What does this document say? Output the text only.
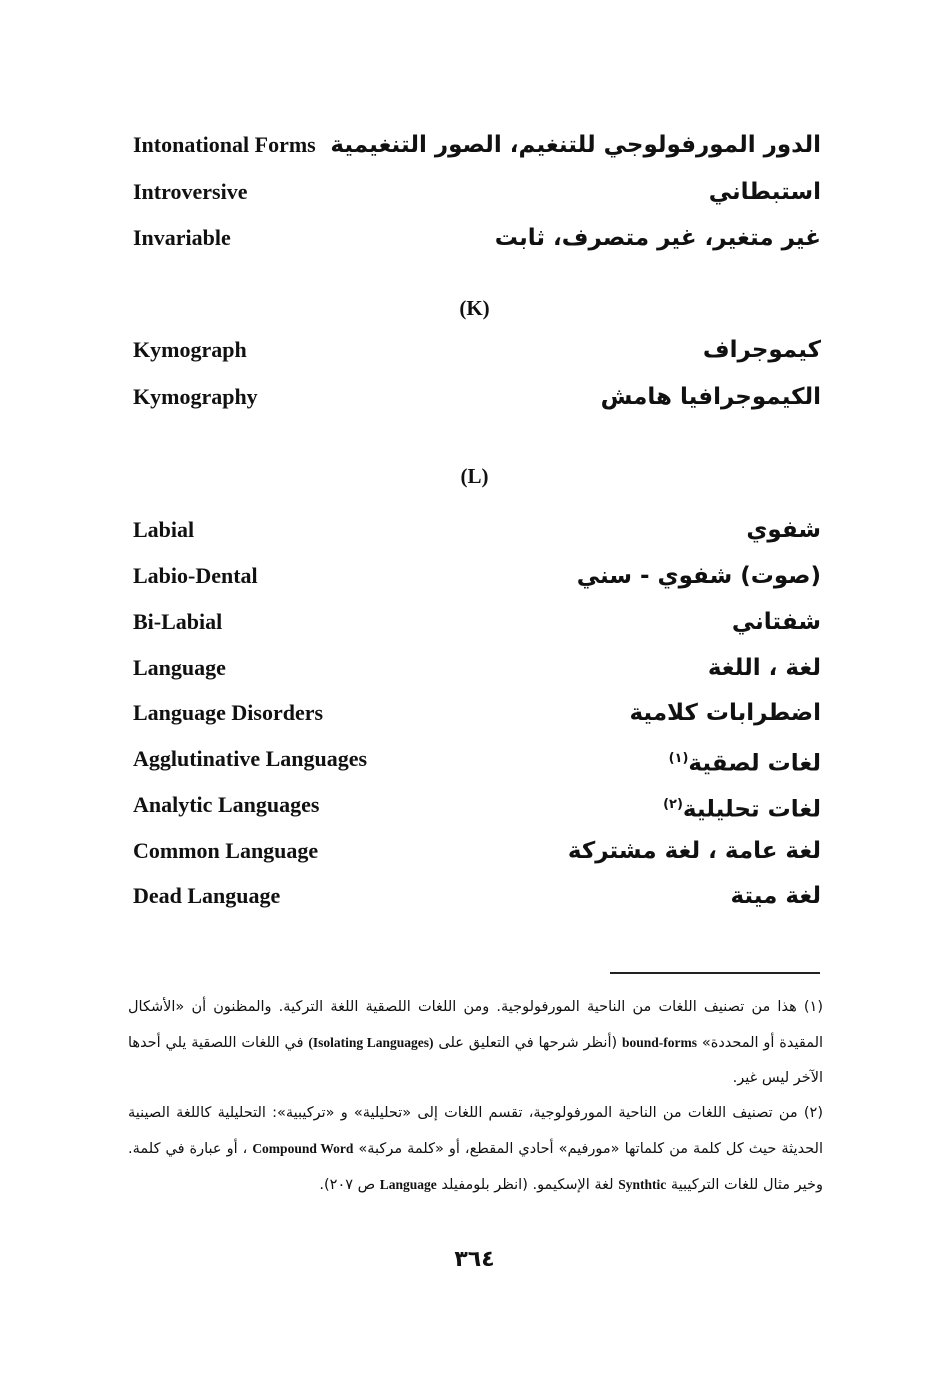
Intonational Forms الدور المورفولوجي للتنغيم، الصور التنغيمية
Introversive	استبطاني
Invariable	غير متغير، غير متصرف، ثابت
(K)
Kymograph	كيموجراف
Kymography	الكيموجرافيا هامش
(L)
Labial	شفوي
Labio-Dental	(صوت) شفوي - سني
Bi-Labial	شفتاني
Language	لغة ، اللغة
Language Disorders	اضطرابات كلامية
Agglutinative Languages	لغات لصقية$^{(١)}$
Analytic Languages	لغات تحليلية$^{(٢)}$
Common Language	لغة عامة ، لغة مشتركة
Dead Language	لغة ميتة

(١) هذا من تصنيف اللغات من الناحية المورفولوجية. ومن اللغات اللصقية اللغة التركية. والمظنون أن «الأشكال المقيدة أو المحددة» bound-forms (أنظر شرحها في التعليق على (Isolating Languages) في اللغات اللصقية يلي أحدها الآخر ليس غير.

(٢) من تصنيف اللغات من الناحية المورفولوجية، تقسم اللغات إلى «تحليلية» و «تركيبية»: التحليلية كاللغة الصينية الحديثة حيث كل كلمة من كلماتها «مورفيم» أحادي المقطع، أو «كلمة مركبة» Compound Word ، أو عبارة في كلمة. وخير مثال للغات التركيبية Synthtic لغة الإسكيمو. (انظر بلومفيلد Language ص ٢٠٧).

٣٦٤
